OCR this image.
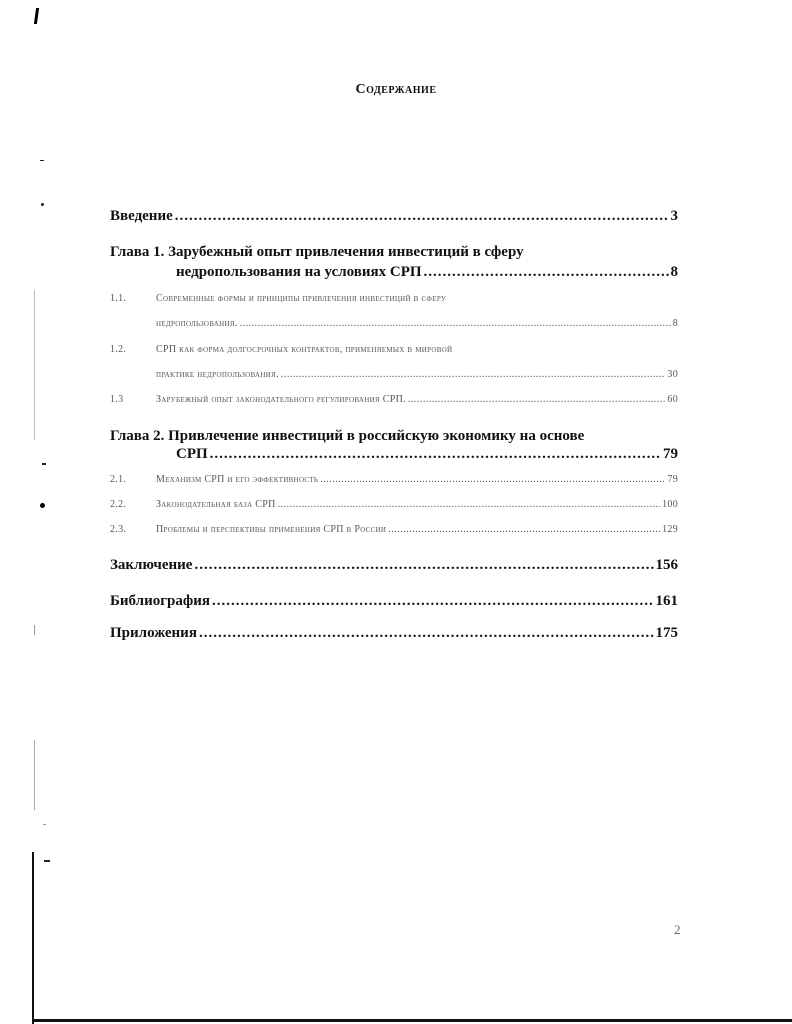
Содержание
Введение .....	3
Глава 1. Зарубежный опыт привлечения инвестиций в сферу
недропользования на условиях СРП .....	8
1.1.	Современные формы и принципы привлечения инвестиций в сферу
недропользования. .....	8
1.2.	СРП как форма долгосрочных контрактов, применяемых в мировой
практике недропользования. .....	30
1.3	Зарубежный опыт законодательного регулирования СРП. .....	60
Глава 2. Привлечение инвестиций в российскую экономику на основе
СРП .....	79
2.1.	Механизм СРП и его эффективность .....	79
2.2.	Законодательная база СРП .....	100
2.3.	Проблемы и перспективы применения СРП в России .....	129
Заключение .....	156
Библиография .....	161
Приложения .....	175
2
